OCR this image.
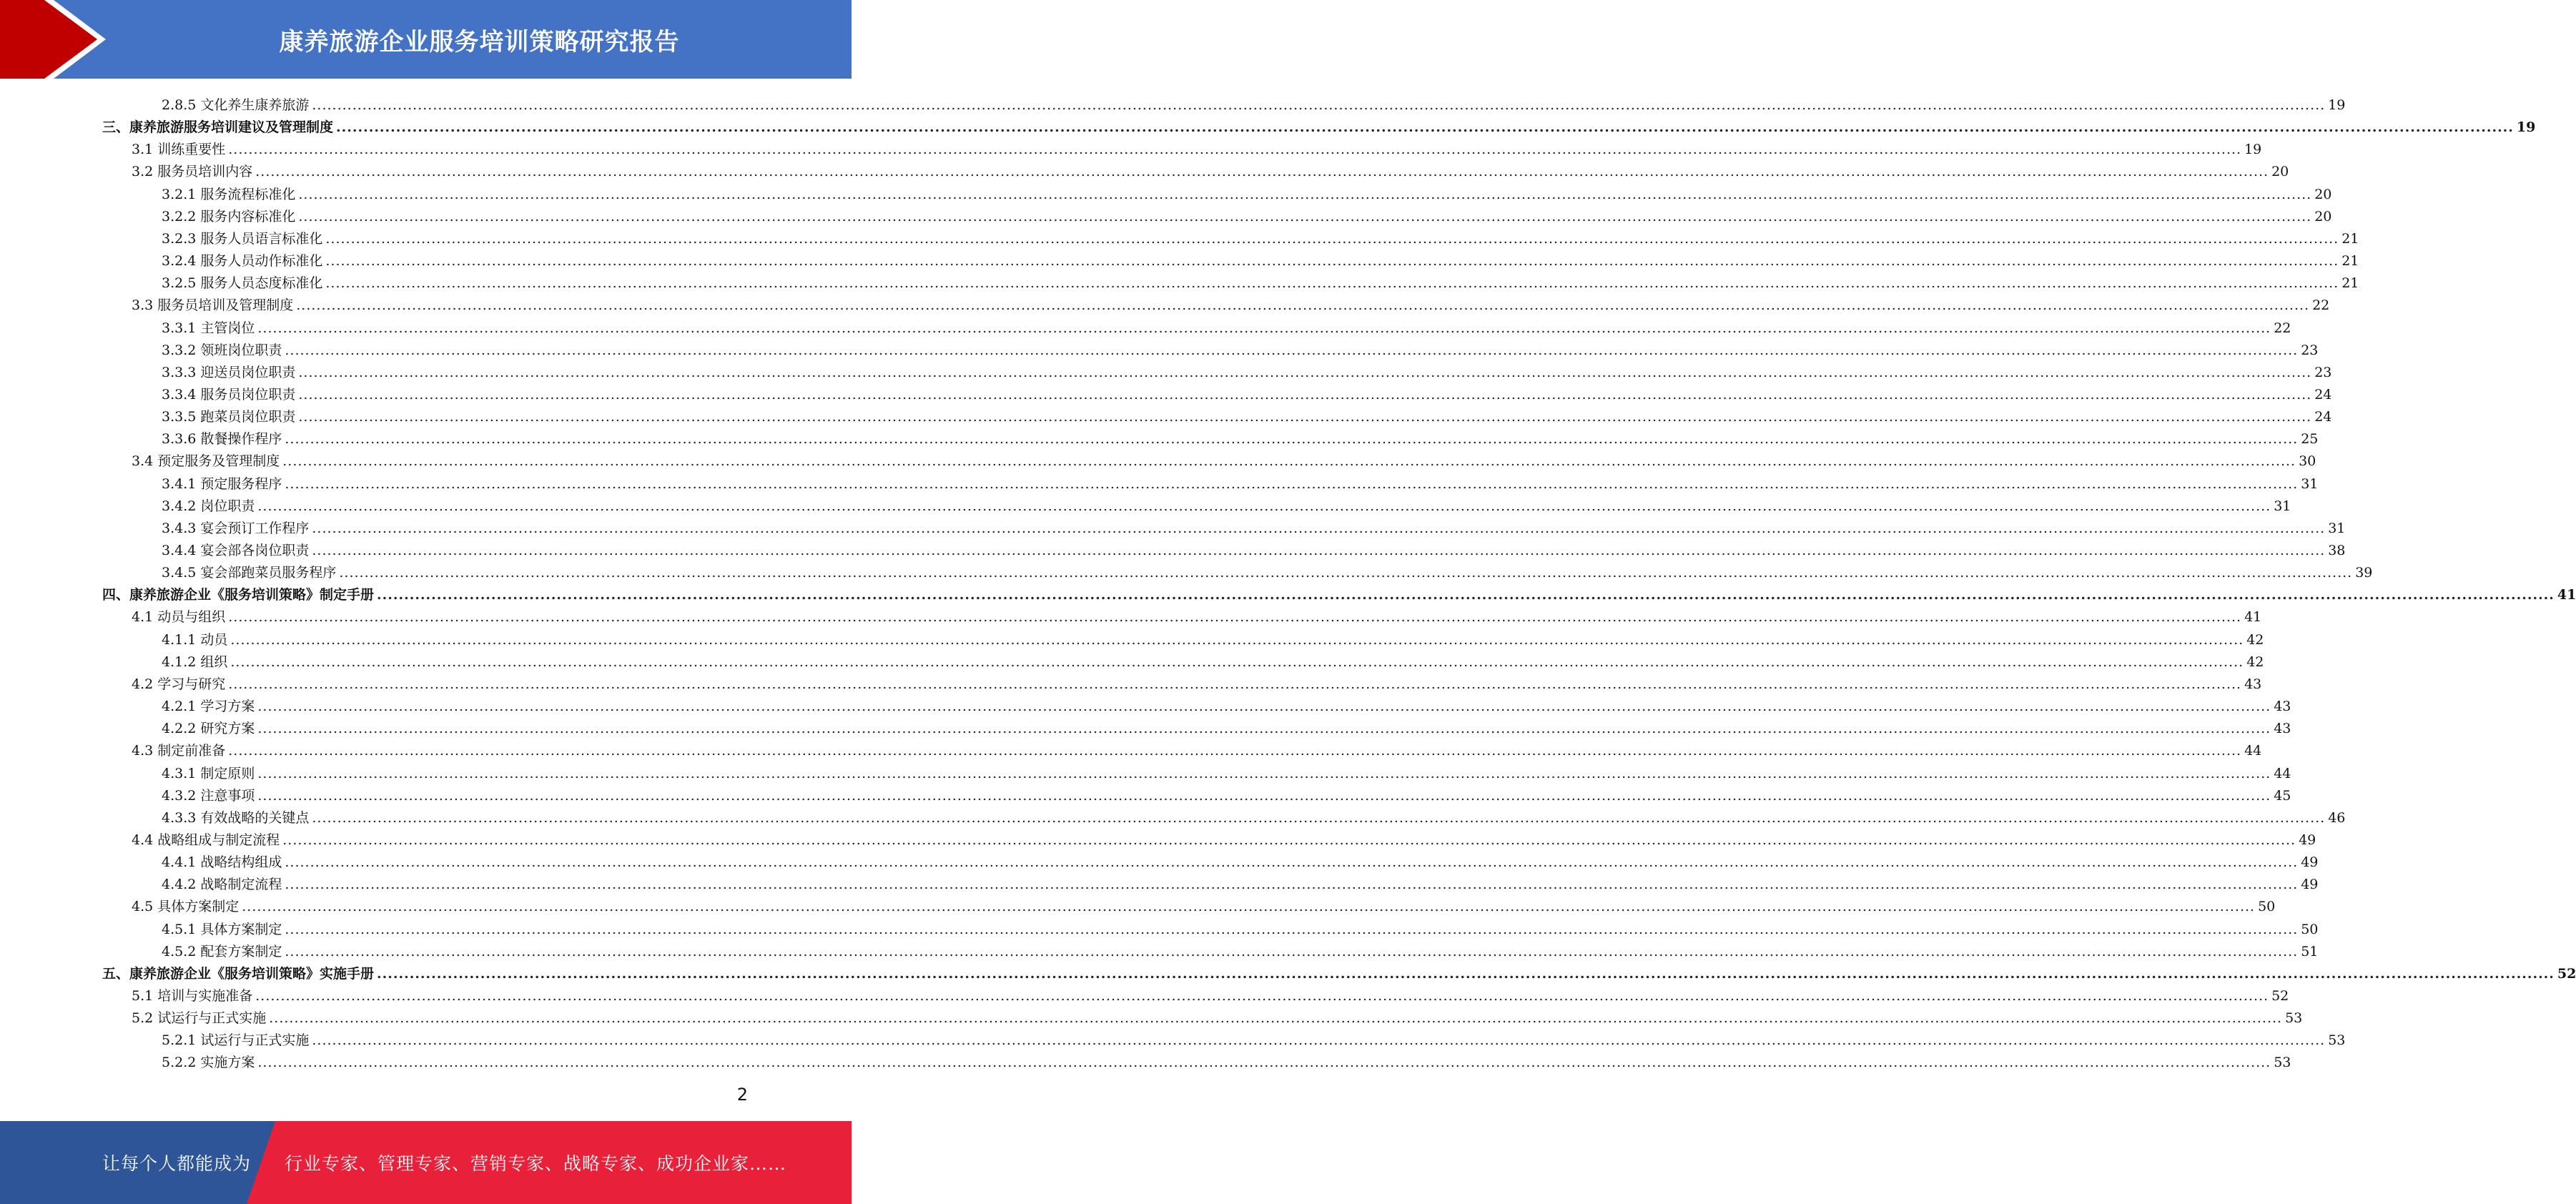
康养旅游企业服务培训策略研究报告
2.8.5 文化养生康养旅游 ................................................................................................................................................................................................................................................................................................................................................................................................................ 19
三、康养旅游服务培训建议及管理制度 ................................................................................................................................................................................................................................................................................................................................................................................................................ 19
3.1 训练重要性 ................................................................................................................................................................................................................................................................................................................................................................................................................ 19
3.2 服务员培训内容 ................................................................................................................................................................................................................................................................................................................................................................................................................ 20
3.2.1 服务流程标准化 ................................................................................................................................................................................................................................................................................................................................................................................................................ 20
3.2.2 服务内容标准化 ................................................................................................................................................................................................................................................................................................................................................................................................................ 20
3.2.3 服务人员语言标准化 ................................................................................................................................................................................................................................................................................................................................................................................................................ 21
3.2.4 服务人员动作标准化 ................................................................................................................................................................................................................................................................................................................................................................................................................ 21
3.2.5 服务人员态度标准化 ................................................................................................................................................................................................................................................................................................................................................................................................................ 21
3.3 服务员培训及管理制度 ................................................................................................................................................................................................................................................................................................................................................................................................................ 22
3.3.1 主管岗位 ................................................................................................................................................................................................................................................................................................................................................................................................................ 22
3.3.2 领班岗位职责 ................................................................................................................................................................................................................................................................................................................................................................................................................ 23
3.3.3 迎送员岗位职责 ................................................................................................................................................................................................................................................................................................................................................................................................................ 23
3.3.4 服务员岗位职责 ................................................................................................................................................................................................................................................................................................................................................................................................................ 24
3.3.5 跑菜员岗位职责 ................................................................................................................................................................................................................................................................................................................................................................................................................ 24
3.3.6 散餐操作程序 ................................................................................................................................................................................................................................................................................................................................................................................................................ 25
3.4 预定服务及管理制度 ................................................................................................................................................................................................................................................................................................................................................................................................................ 30
3.4.1 预定服务程序 ................................................................................................................................................................................................................................................................................................................................................................................................................ 31
3.4.2 岗位职责 ................................................................................................................................................................................................................................................................................................................................................................................................................ 31
3.4.3 宴会预订工作程序 ................................................................................................................................................................................................................................................................................................................................................................................................................ 31
3.4.4 宴会部各岗位职责 ................................................................................................................................................................................................................................................................................................................................................................................................................ 38
3.4.5 宴会部跑菜员服务程序 ................................................................................................................................................................................................................................................................................................................................................................................................................ 39
四、康养旅游企业《服务培训策略》制定手册 ................................................................................................................................................................................................................................................................................................................................................................................................................ 41
4.1 动员与组织 ................................................................................................................................................................................................................................................................................................................................................................................................................ 41
4.1.1 动员 ................................................................................................................................................................................................................................................................................................................................................................................................................ 42
4.1.2 组织 ................................................................................................................................................................................................................................................................................................................................................................................................................ 42
4.2 学习与研究 ................................................................................................................................................................................................................................................................................................................................................................................................................ 43
4.2.1 学习方案 ................................................................................................................................................................................................................................................................................................................................................................................................................ 43
4.2.2 研究方案 ................................................................................................................................................................................................................................................................................................................................................................................................................ 43
4.3 制定前准备 ................................................................................................................................................................................................................................................................................................................................................................................................................ 44
4.3.1 制定原则 ................................................................................................................................................................................................................................................................................................................................................................................................................ 44
4.3.2 注意事项 ................................................................................................................................................................................................................................................................................................................................................................................................................ 45
4.3.3 有效战略的关键点 ................................................................................................................................................................................................................................................................................................................................................................................................................ 46
4.4 战略组成与制定流程 ................................................................................................................................................................................................................................................................................................................................................................................................................ 49
4.4.1 战略结构组成 ................................................................................................................................................................................................................................................................................................................................................................................................................ 49
4.4.2 战略制定流程 ................................................................................................................................................................................................................................................................................................................................................................................................................ 49
4.5 具体方案制定 ................................................................................................................................................................................................................................................................................................................................................................................................................ 50
4.5.1 具体方案制定 ................................................................................................................................................................................................................................................................................................................................................................................................................ 50
4.5.2 配套方案制定 ................................................................................................................................................................................................................................................................................................................................................................................................................ 51
五、康养旅游企业《服务培训策略》实施手册 ................................................................................................................................................................................................................................................................................................................................................................................................................ 52
5.1 培训与实施准备 ................................................................................................................................................................................................................................................................................................................................................................................................................ 52
5.2 试运行与正式实施 ................................................................................................................................................................................................................................................................................................................................................................................................................ 53
5.2.1 试运行与正式实施 ................................................................................................................................................................................................................................................................................................................................................................................................................ 53
5.2.2 实施方案 ................................................................................................................................................................................................................................................................................................................................................................................................................ 53
2
让每个人都能成为 行业专家、管理专家、营销专家、战略专家、成功企业家……
